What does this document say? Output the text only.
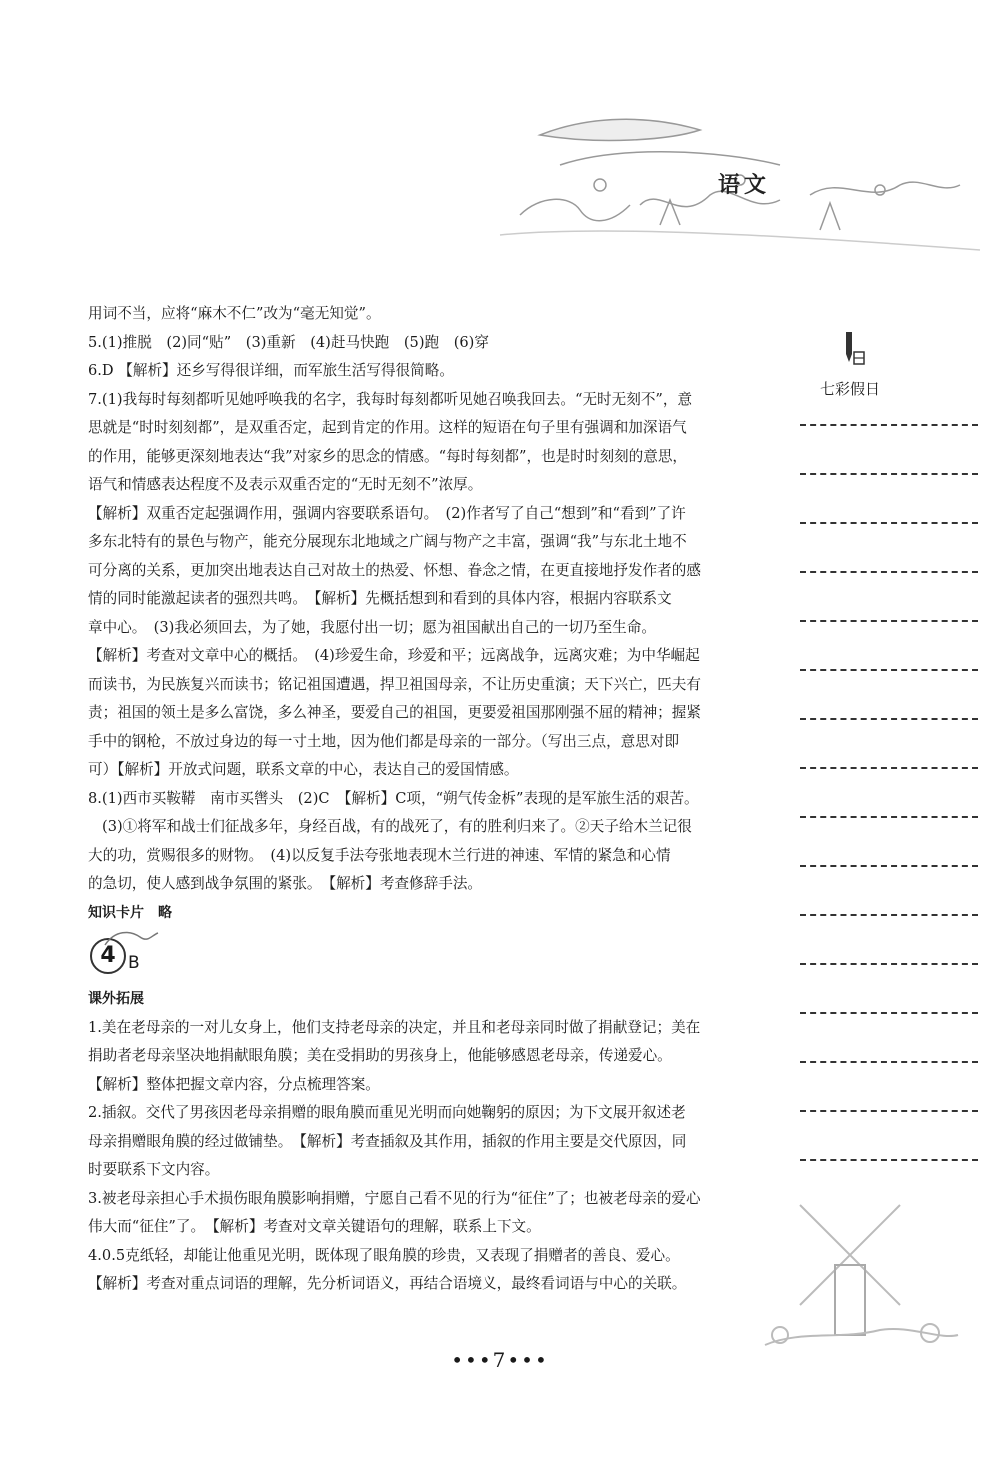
语文

用词不当，应将“麻木不仁”改为“毫无知觉”。

5.(1)推脱　(2)同“贴”　(3)重新　(4)赶马快跑　(5)跑　(6)穿

6.D 【解析】还乡写得很详细，而军旅生活写得很简略。

7.(1)我每时每刻都听见她呼唤我的名字，我每时每刻都听见她召唤我回去。“无时无刻不”，意

思就是“时时刻刻都”，是双重否定，起到肯定的作用。这样的短语在句子里有强调和加深语气

的作用，能够更深刻地表达“我”对家乡的思念的情感。“每时每刻都”，也是时时刻刻的意思，

语气和情感表达程度不及表示双重否定的“无时无刻不”浓厚。

【解析】双重否定起强调作用，强调内容要联系语句。　(2)作者写了自己“想到”和“看到”了许

多东北特有的景色与物产，能充分展现东北地域之广阔与物产之丰富，强调“我”与东北土地不

可分离的关系，更加突出地表达自己对故土的热爱、怀想、眷念之情，在更直接地抒发作者的感

情的同时能激起读者的强烈共鸣。　【解析】先概括想到和看到的具体内容，根据内容联系文

章中心。　(3)我必须回去，为了她，我愿付出一切；愿为祖国献出自己的一切乃至生命。

【解析】考查对文章中心的概括。　(4)珍爱生命，珍爱和平；远离战争，远离灾难；为中华崛起

而读书，为民族复兴而读书；铭记祖国遭遇，捍卫祖国母亲，不让历史重演；天下兴亡，匹夫有

责；祖国的领土是多么富饶，多么神圣，要爱自己的祖国，更要爱祖国那刚强不屈的精神；握紧

手中的钢枪，不放过身边的每一寸土地，因为他们都是母亲的一部分。（写出三点，意思对即

可）【解析】开放式问题，联系文章的中心，表达自己的爱国情感。

8.(1)西市买鞍鞯　南市买辔头　(2)C　【解析】C项，“朔气传金柝”表现的是军旅生活的艰苦。

(3)①将军和战士们征战多年，身经百战，有的战死了，有的胜利归来了。②天子给木兰记很

大的功，赏赐很多的财物。　(4)以反复手法夸张地表现木兰行进的神速、军情的紧急和心情

的急切，使人感到战争氛围的紧张。　【解析】考查修辞手法。

知识卡片　略

4 B

课外拓展

1.美在老母亲的一对儿女身上，他们支持老母亲的决定，并且和老母亲同时做了捐献登记；美在

捐助者老母亲坚决地捐献眼角膜；美在受捐助的男孩身上，他能够感恩老母亲，传递爱心。

【解析】整体把握文章内容，分点梳理答案。

2.插叙。交代了男孩因老母亲捐赠的眼角膜而重见光明而向她鞠躬的原因；为下文展开叙述老

母亲捐赠眼角膜的经过做铺垫。　【解析】考查插叙及其作用，插叙的作用主要是交代原因，同

时要联系下文内容。

3.被老母亲担心手术损伤眼角膜影响捐赠，宁愿自己看不见的行为“征住”了；也被老母亲的爱心

伟大而“征住”了。　【解析】考查对文章关键语句的理解，联系上下文。

4.0.5克纸轻，却能让他重见光明，既体现了眼角膜的珍贵，又表现了捐赠者的善良、爱心。

【解析】考查对重点词语的理解，先分析词语义，再结合语境义，最终看词语与中心的关联。

七彩假日
•••7•••
